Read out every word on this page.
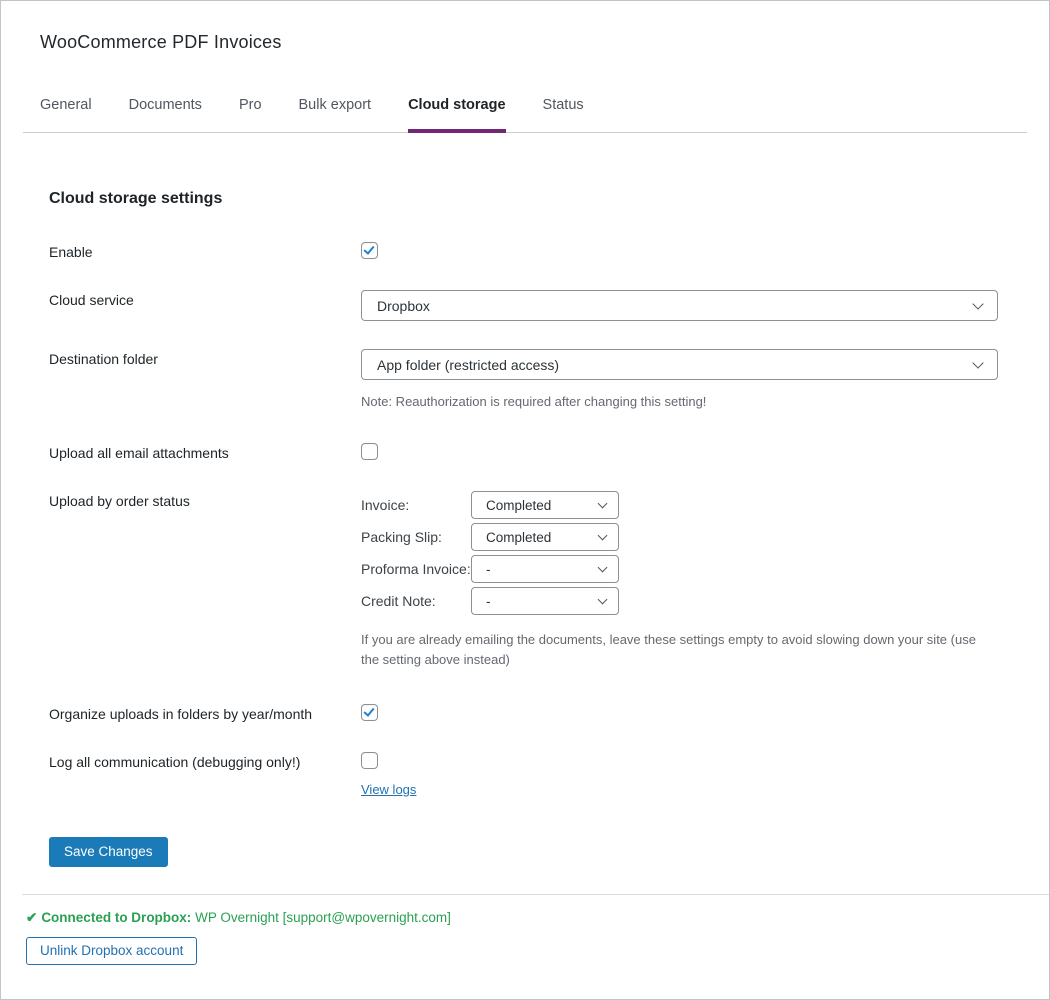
WooCommerce PDF Invoices
General	Documents	Pro	Bulk export	Cloud storage	Status
Cloud storage settings
Enable
Cloud service	Dropbox
Destination folder	App folder (restricted access)
Note: Reauthorization is required after changing this setting!
Upload all email attachments
Upload by order status	Invoice:	Completed
Packing Slip:	Completed
Proforma Invoice: -
Credit Note:	-
If you are already emailing the documents, leave these settings empty to avoid slowing down your site (use the setting above instead)
Organize uploads in folders by year/month
Log all communication (debugging only!)
View logs
Save Changes
✔ Connected to Dropbox: WP Overnight [support@wpovernight.com]
Unlink Dropbox account
